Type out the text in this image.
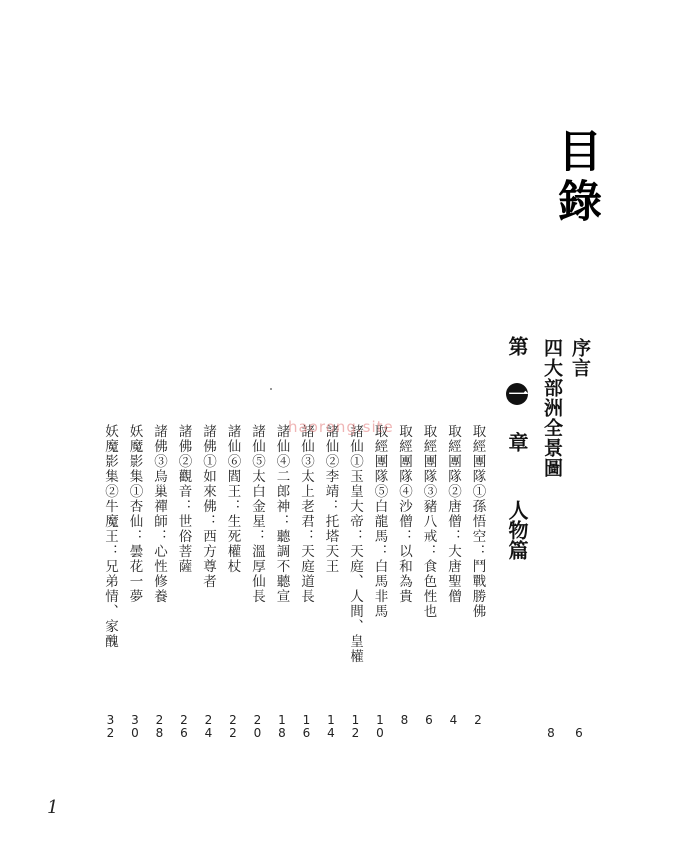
目錄
序言
6
四大部洲全景圖
8
第 一 章  人物篇
取經團隊①孫悟空：鬥戰勝佛
2
取經團隊②唐僧：大唐聖僧
4
取經團隊③豬八戒：食色性也
6
取經團隊④沙僧：以和為貴
8
取經團隊⑤白龍馬：白馬非馬
1
0
諸仙①玉皇大帝：天庭、人間、皇權
1
2
諸仙②李靖：托塔天王
1
4
諸仙③太上老君：天庭道長
1
6
諸仙④二郎神：聽調不聽宣
1
8
諸仙⑤太白金星：溫厚仙長
2
0
諸仙⑥閻王：生死權杖
2
2
諸佛①如來佛：西方尊者
2
4
諸佛②觀音：世俗菩薩
2
6
諸佛③烏巢禪師：心性修養
2
8
妖魔影集①杏仙：曇花一夢
3
0
妖魔影集②牛魔王：兄弟情、家醜
3
2
haorong.site
1
